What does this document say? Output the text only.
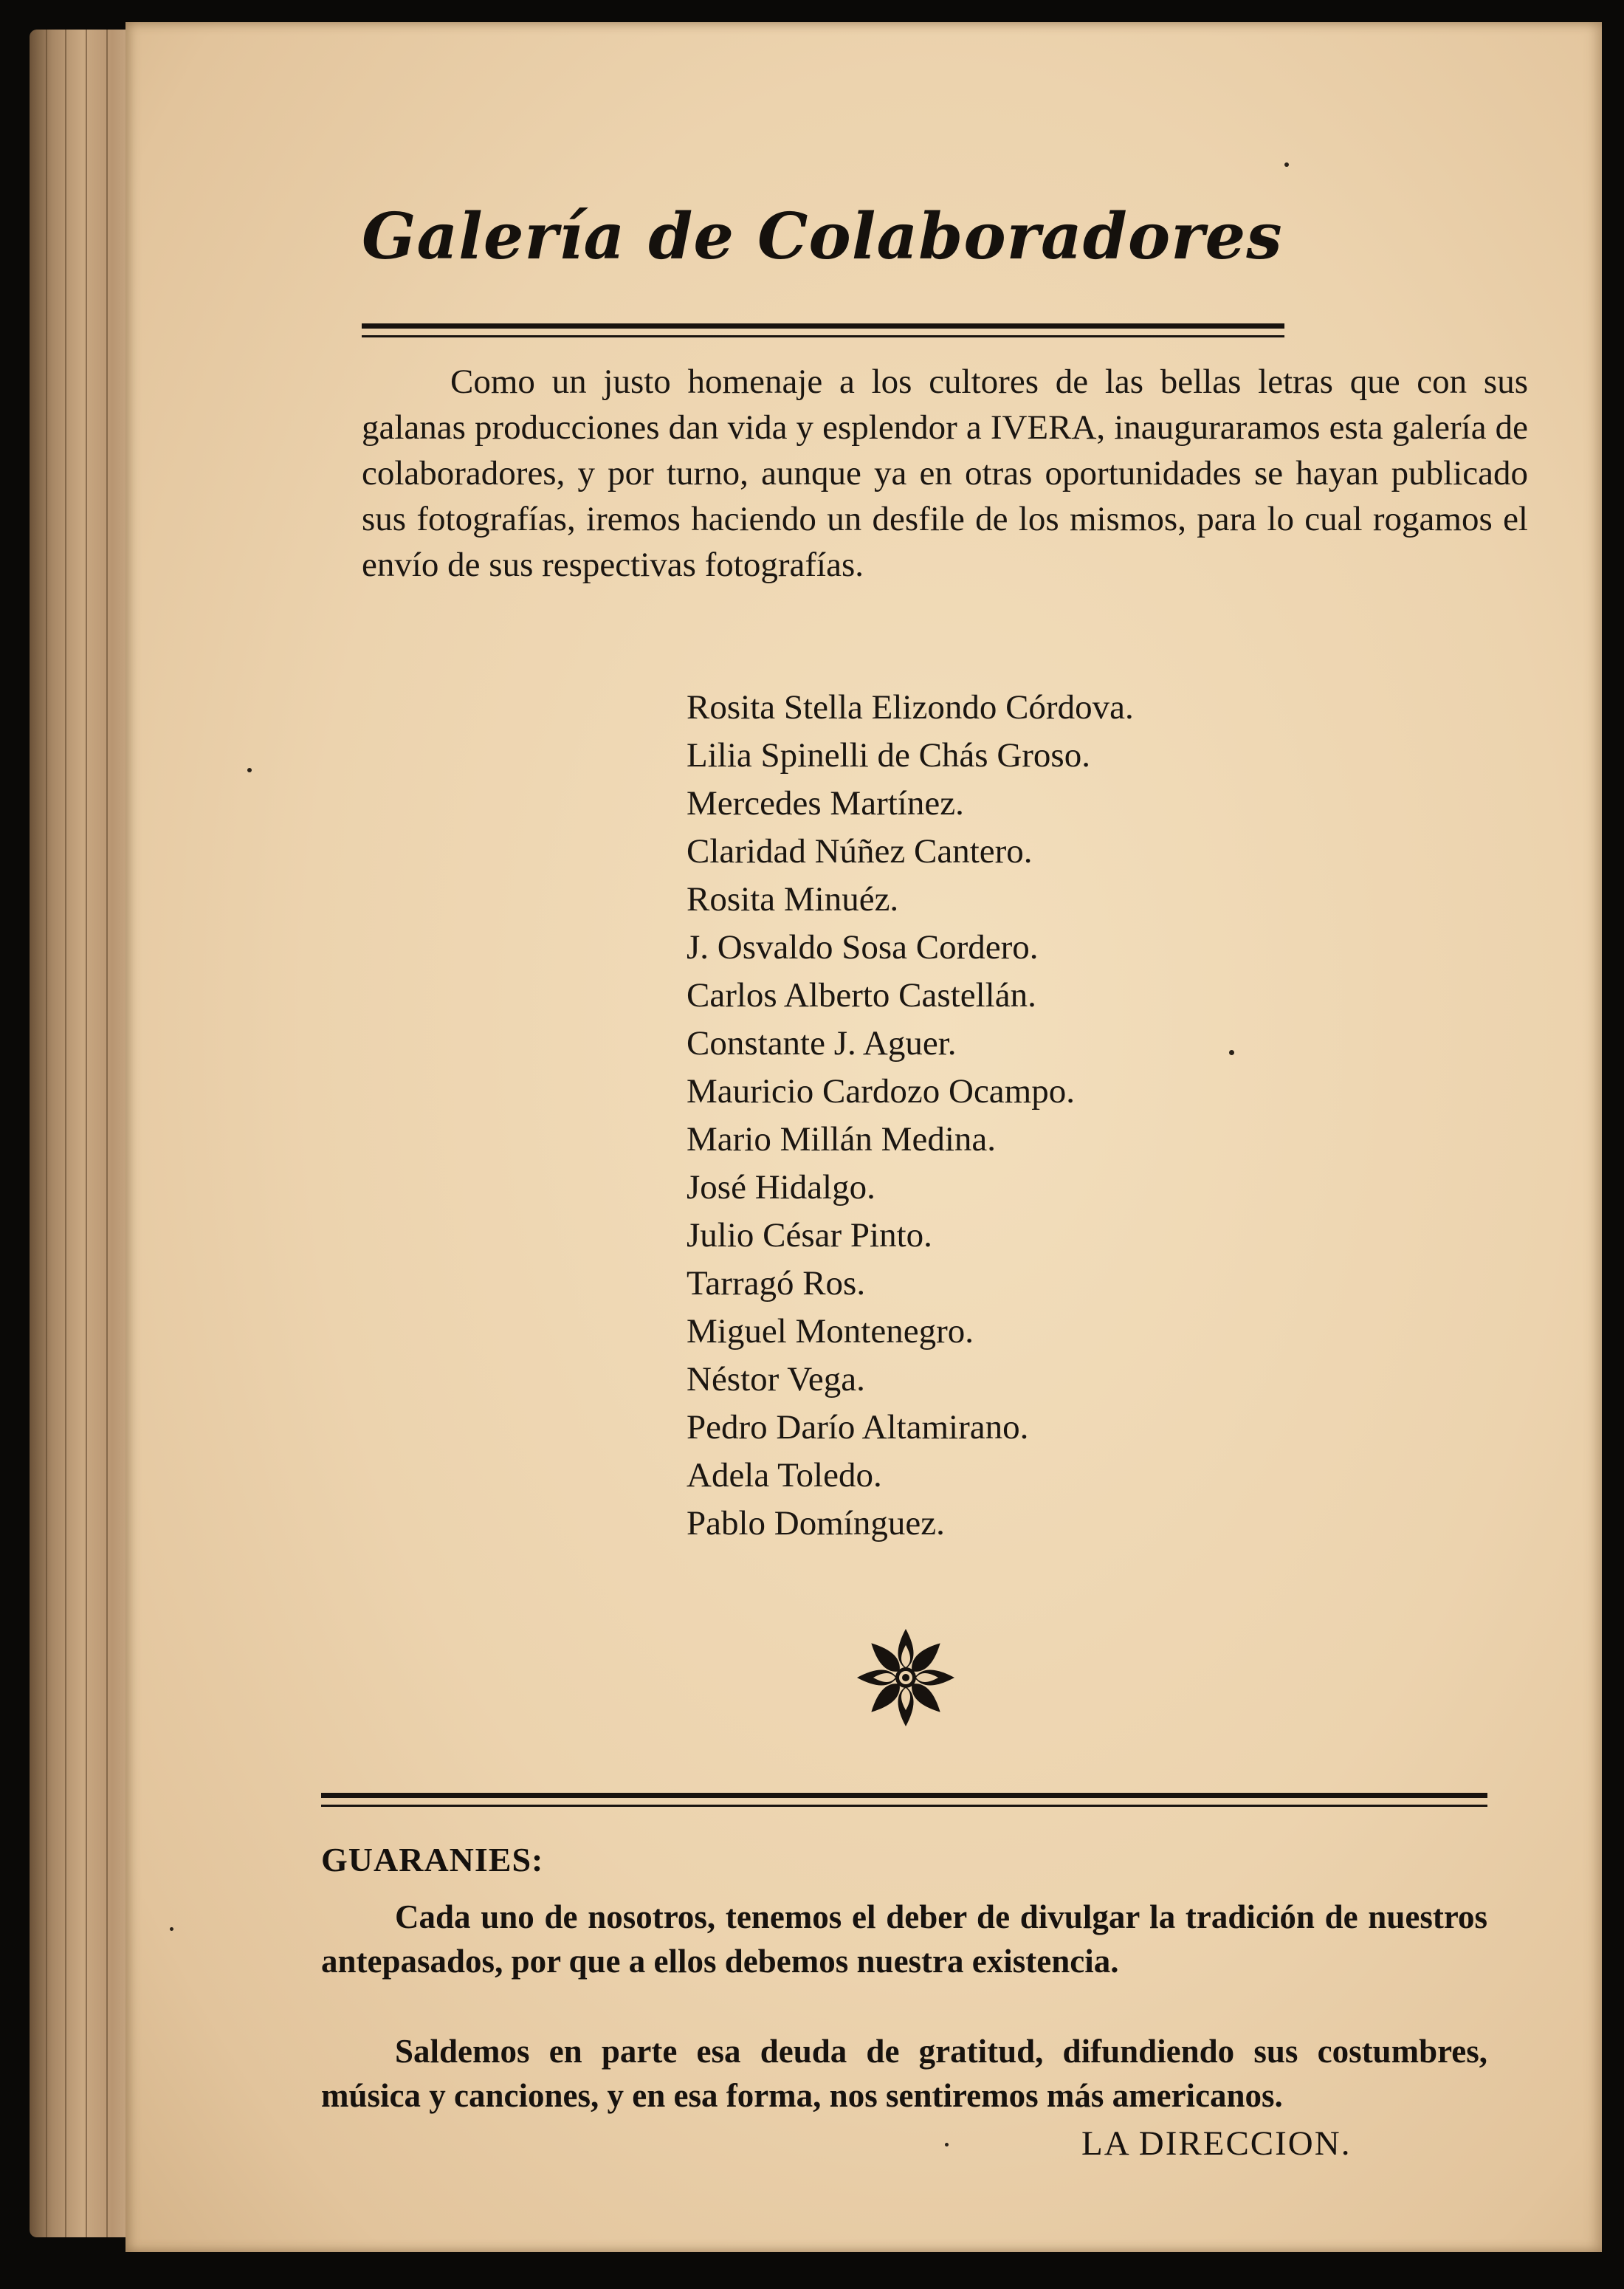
Galería de Colaboradores

Como un justo homenaje a los cultores de las bellas letras que con sus galanas producciones dan vida y esplendor a IVERA, inauguraramos esta galería de colaboradores, y por turno, aunque ya en otras oportunidades se hayan publicado sus fotografías, iremos haciendo un desfile de los mismos, para lo cual rogamos el envío de sus respectivas fotografías.

Rosita Stella Elizondo Córdova.
Lilia Spinelli de Chás Groso.
Mercedes Martínez.
Claridad Núñez Cantero.
Rosita Minuéz.
J. Osvaldo Sosa Cordero.
Carlos Alberto Castellán.
Constante J. Aguer.
Mauricio Cardozo Ocampo.
Mario Millán Medina.
José Hidalgo.
Julio César Pinto.
Tarragó Ros.
Miguel Montenegro.
Néstor Vega.
Pedro Darío Altamirano.
Adela Toledo.
Pablo Domínguez.
GUARANIES:

Cada uno de nosotros, tenemos el deber de divulgar la tradición de nuestros antepasados, por que a ellos debemos nuestra existencia.

Saldemos en parte esa deuda de gratitud, difundiendo sus costumbres, música y canciones, y en esa forma, nos sentiremos más americanos.

LA DIRECCION.
